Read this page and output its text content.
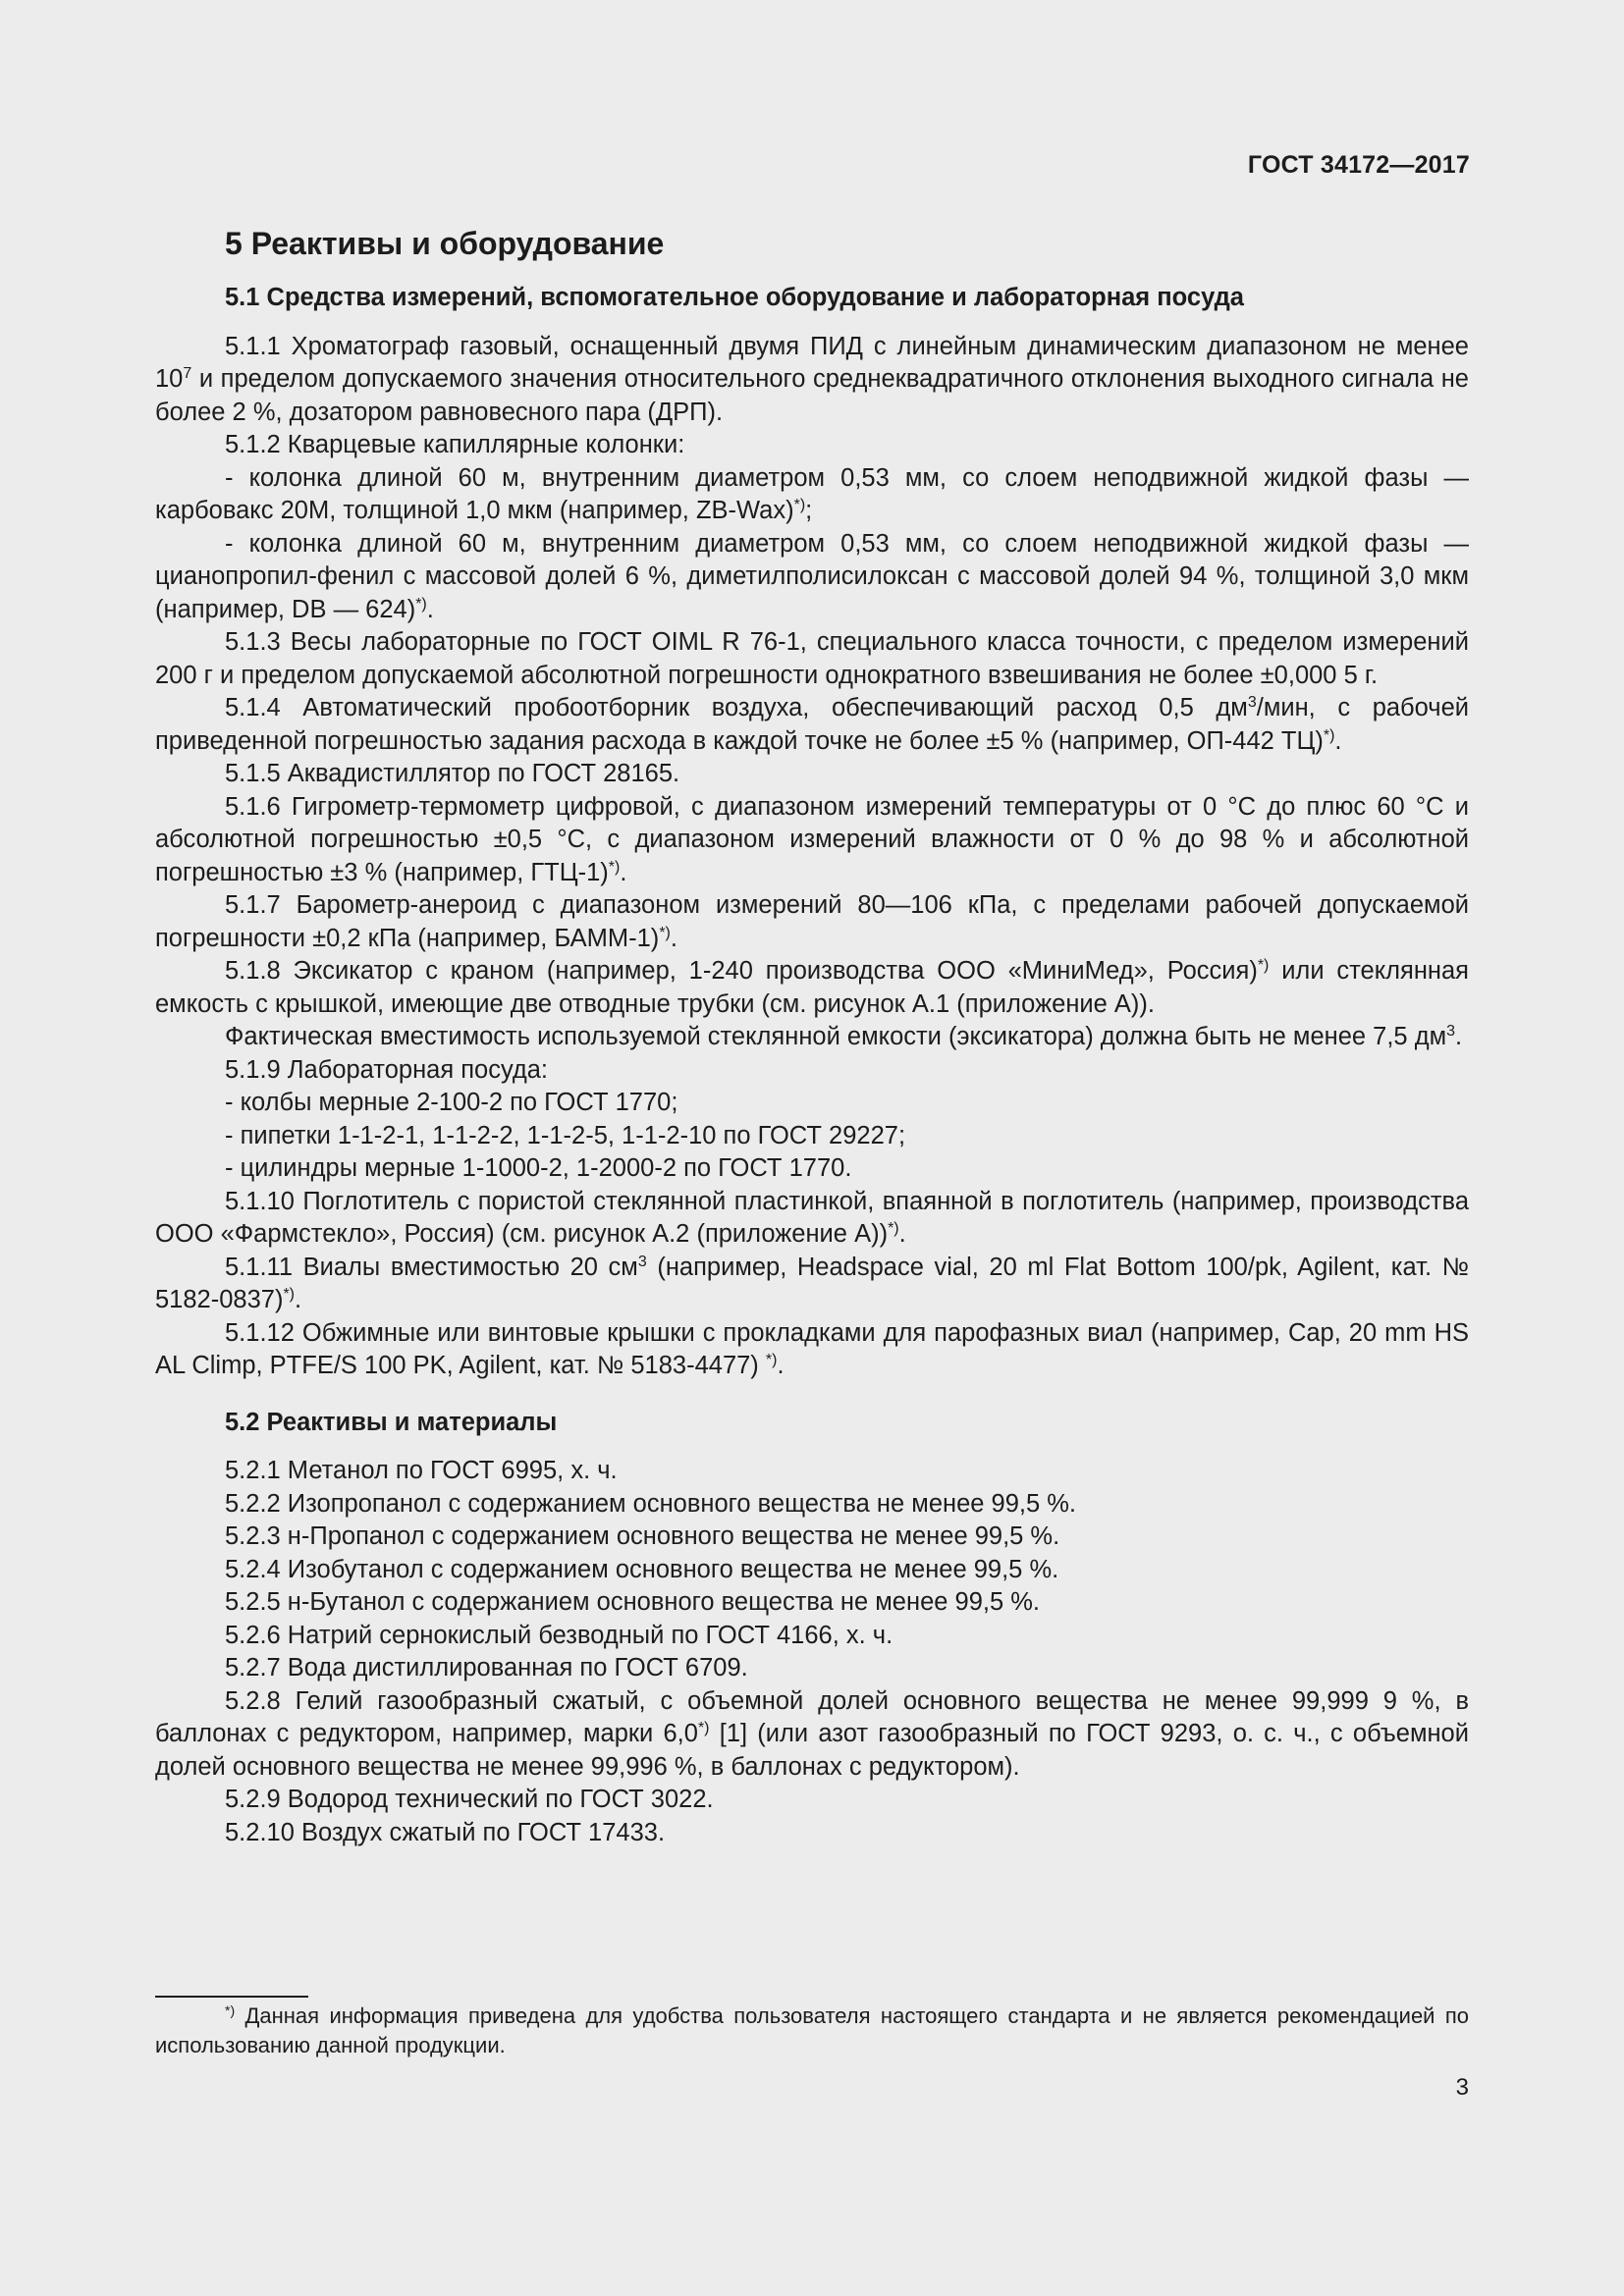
ГОСТ 34172—2017
5 Реактивы и оборудование
5.1 Средства измерений, вспомогательное оборудование и лабораторная посуда

5.1.1 Хроматограф газовый, оснащенный двумя ПИД с линейным динамическим диапазоном не менее $10^7$ и пределом допускаемого значения относительного среднеквадратичного отклонения выходного сигнала не более 2 %, дозатором равновесного пара (ДРП).

5.1.2 Кварцевые капиллярные колонки:

- колонка длиной 60 м, внутренним диаметром 0,53 мм, со слоем неподвижной жидкой фазы — карбовакс 20М, толщиной 1,0 мкм (например, ZB-Wax)*);

- колонка длиной 60 м, внутренним диаметром 0,53 мм, со слоем неподвижной жидкой фазы — цианопропил-фенил с массовой долей 6 %, диметилполисилоксан с массовой долей 94 %, толщиной 3,0 мкм (например, DB — 624)*).

5.1.3 Весы лабораторные по ГОСТ OIML R 76-1, специального класса точности, с пределом измерений 200 г и пределом допускаемой абсолютной погрешности однократного взвешивания не более ±0,000 5 г.

5.1.4 Автоматический пробоотборник воздуха, обеспечивающий расход 0,5 $дм^3$/мин, с рабочей приведенной погрешностью задания расхода в каждой точке не более ±5 % (например, ОП-442 ТЦ)*).

5.1.5 Аквадистиллятор по ГОСТ 28165.

5.1.6 Гигрометр-термометр цифровой, с диапазоном измерений температуры от 0 °С до плюс 60 °С и абсолютной погрешностью ±0,5 °С, с диапазоном измерений влажности от 0 % до 98 % и абсолютной погрешностью ±3 % (например, ГТЦ-1)*).

5.1.7 Барометр-анероид с диапазоном измерений 80—106 кПа, с пределами рабочей допускаемой погрешности ±0,2 кПа (например, БАММ-1)*).

5.1.8 Эксикатор с краном (например, 1-240 производства ООО «МиниМед», Россия)*) или стеклянная емкость с крышкой, имеющие две отводные трубки (см. рисунок А.1 (приложение А)).

Фактическая вместимость используемой стеклянной емкости (эксикатора) должна быть не менее 7,5 $дм^3$.

5.1.9 Лабораторная посуда:

- колбы мерные 2-100-2 по ГОСТ 1770;

- пипетки 1-1-2-1, 1-1-2-2, 1-1-2-5, 1-1-2-10 по ГОСТ 29227;

- цилиндры мерные 1-1000-2, 1-2000-2 по ГОСТ 1770.

5.1.10 Поглотитель с пористой стеклянной пластинкой, впаянной в поглотитель (например, производства ООО «Фармстекло», Россия) (см. рисунок А.2 (приложение А))*).

5.1.11 Виалы вместимостью 20 $см^3$ (например, Headspace vial, 20 ml Flat Bottom 100/pk, Agilent, кат. № 5182-0837)*).

5.1.12 Обжимные или винтовые крышки с прокладками для парофазных виал (например, Cap, 20 mm HS AL Climp, PTFE/S 100 PK, Agilent, кат. № 5183-4477) *).

5.2 Реактивы и материалы

5.2.1 Метанол по ГОСТ 6995, х. ч.

5.2.2 Изопропанол с содержанием основного вещества не менее 99,5 %.

5.2.3 н-Пропанол с содержанием основного вещества не менее 99,5 %.

5.2.4 Изобутанол с содержанием основного вещества не менее 99,5 %.

5.2.5 н-Бутанол с содержанием основного вещества не менее 99,5 %.

5.2.6 Натрий сернокислый безводный по ГОСТ 4166, х. ч.

5.2.7 Вода дистиллированная по ГОСТ 6709.

5.2.8 Гелий газообразный сжатый, с объемной долей основного вещества не менее 99,999 9 %, в баллонах с редуктором, например, марки 6,0*) [1] (или азот газообразный по ГОСТ 9293, о. с. ч., с объемной долей основного вещества не менее 99,996 %, в баллонах с редуктором).

5.2.9 Водород технический по ГОСТ 3022.

5.2.10 Воздух сжатый по ГОСТ 17433.

*) Данная информация приведена для удобства пользователя настоящего стандарта и не является рекомендацией по использованию данной продукции.

3
